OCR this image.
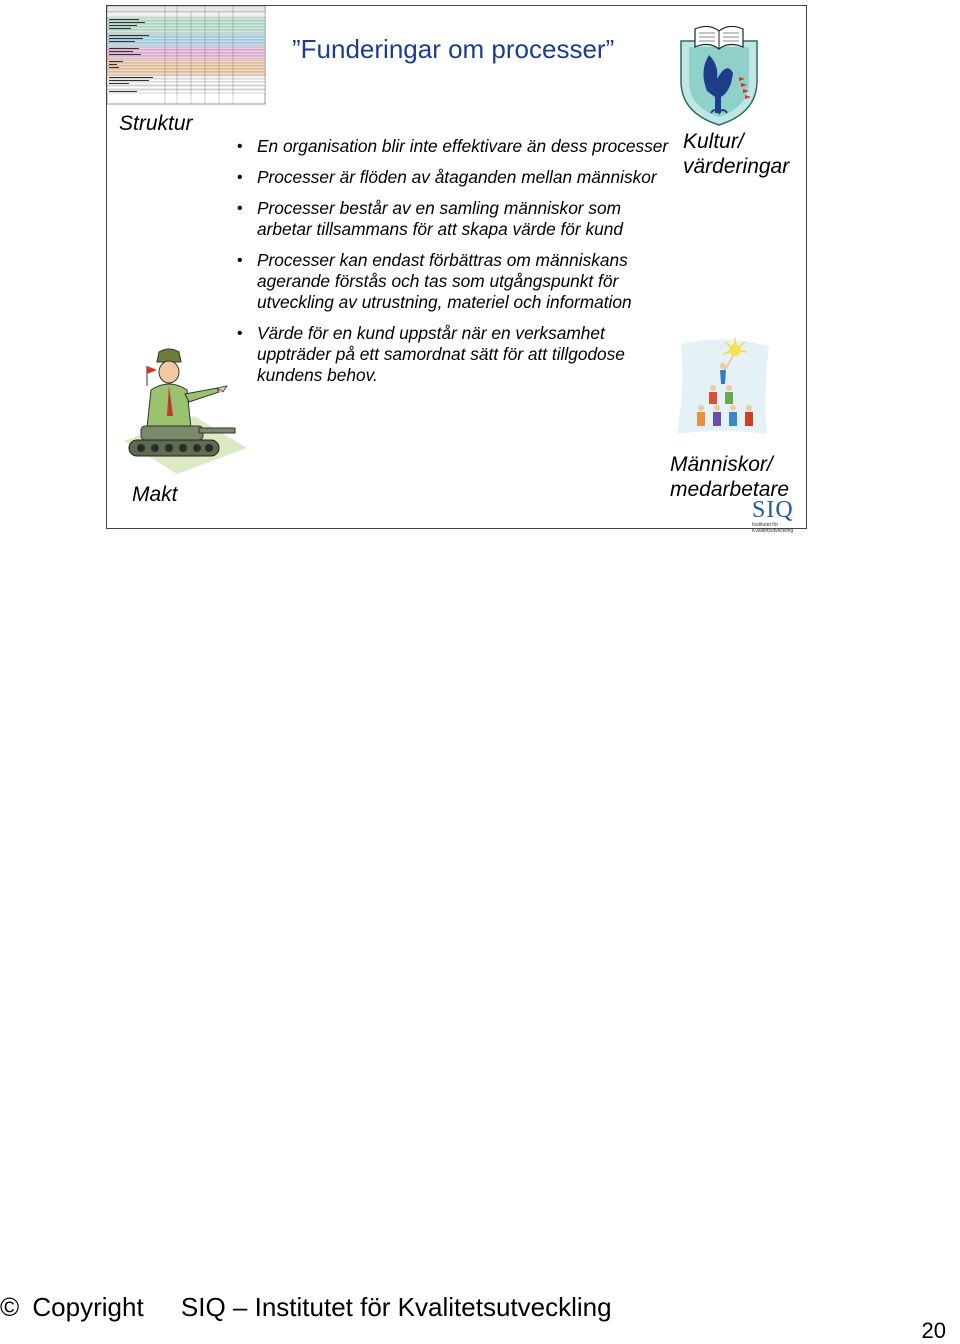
”Funderingar om processer”
• En organisation blir inte effektivare än dess processer
• Processer är flöden av åtaganden mellan människor
• Processer består av en samling människor som arbetar tillsammans för att skapa värde för kund
• Processer kan endast förbättras om människans agerande förstås och tas som utgångspunkt för utveckling av utrustning, materiel och information
• Värde för en kund uppstår när en verksamhet uppträder på ett samordnat sätt för att tillgodose kundens behov.
Struktur
Makt
Kultur/
värderingar
Människor/
medarbetare
SIQ
Institutet för
Kvalitetsutveckling
© Copyright SIQ – Institutet för Kvalitetsutveckling
20
